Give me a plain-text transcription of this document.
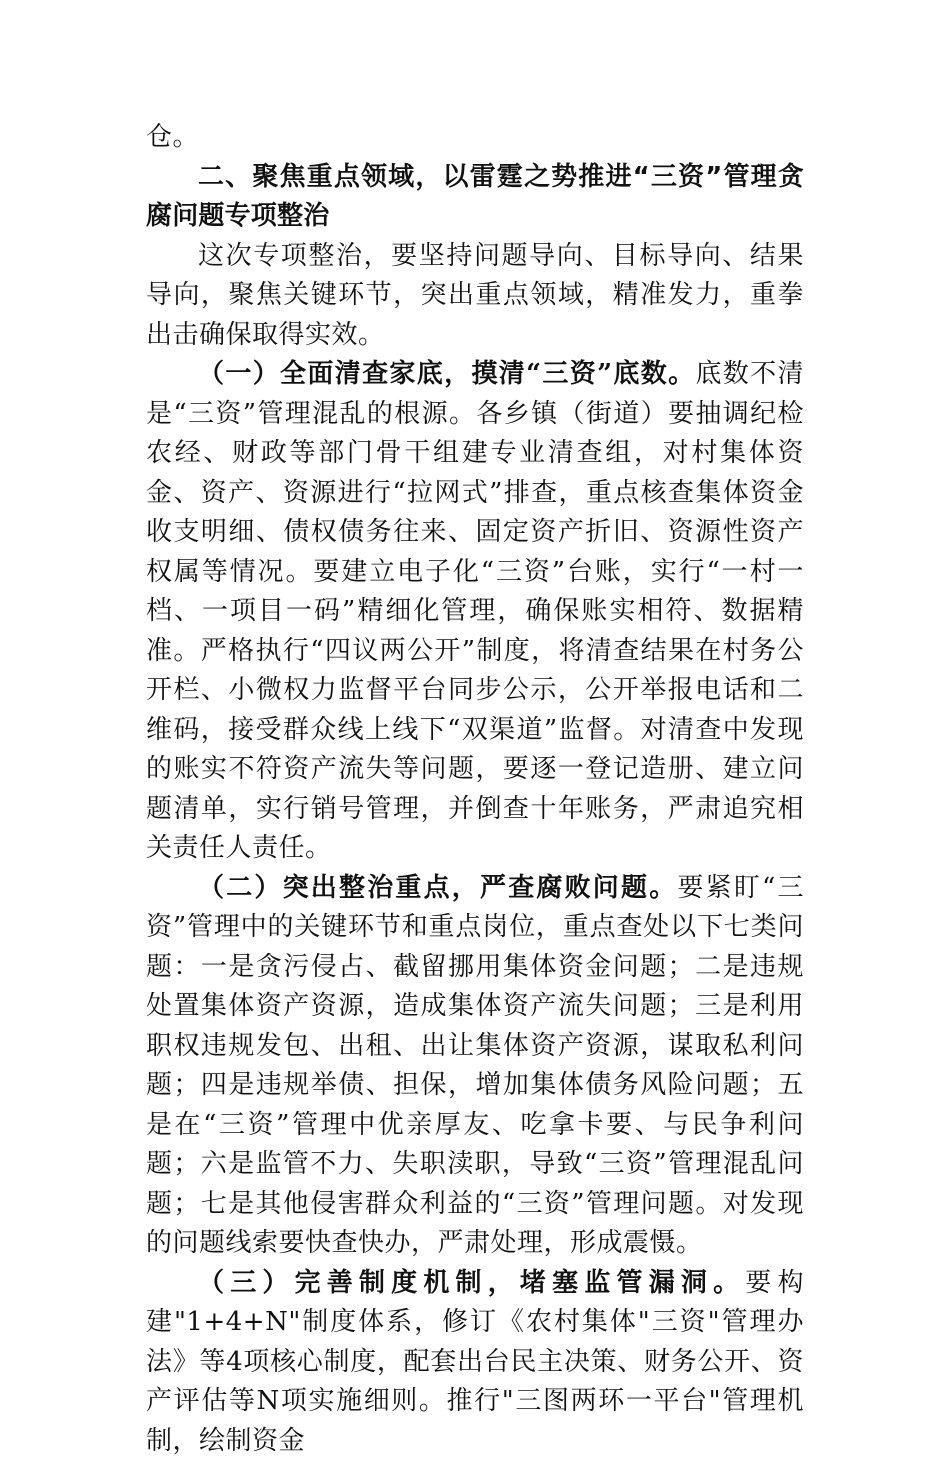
仓。

二、聚焦重点领域，以雷霆之势推进“三资”管理贪腐问题专项整治

这次专项整治，要坚持问题导向、目标导向、结果导向，聚焦关键环节，突出重点领域，精准发力，重拳出击确保取得实效。

（一）全面清查家底，摸清“三资”底数。底数不清是“三资”管理混乱的根源。各乡镇（街道）要抽调纪检农经、财政等部门骨干组建专业清查组，对村集体资金、资产、资源进行“拉网式”排查，重点核查集体资金收支明细、债权债务往来、固定资产折旧、资源性资产权属等情况。要建立电子化“三资”台账，实行“一村一档、一项目一码”精细化管理，确保账实相符、数据精准。严格执行“四议两公开”制度，将清查结果在村务公开栏、小微权力监督平台同步公示，公开举报电话和二维码，接受群众线上线下“双渠道”监督。对清查中发现的账实不符资产流失等问题，要逐一登记造册、建立问题清单，实行销号管理，并倒查十年账务，严肃追究相关责任人责任。

（二）突出整治重点，严查腐败问题。要紧盯“三资”管理中的关键环节和重点岗位，重点查处以下七类问题：一是贪污侵占、截留挪用集体资金问题；二是违规处置集体资产资源，造成集体资产流失问题；三是利用职权违规发包、出租、出让集体资产资源，谋取私利问题；四是违规举债、担保，增加集体债务风险问题；五是在“三资”管理中优亲厚友、吃拿卡要、与民争利问题；六是监管不力、失职渎职，导致“三资”管理混乱问题；七是其他侵害群众利益的“三资”管理问题。对发现的问题线索要快查快办，严肃处理，形成震慑。

（三）完善制度机制，堵塞监管漏洞。要构建"1+4+N"制度体系，修订《农村集体"三资"管理办法》等4项核心制度，配套出台民主决策、财务公开、资产评估等N项实施细则。推行"三图两环一平台"管理机制，绘制资金
